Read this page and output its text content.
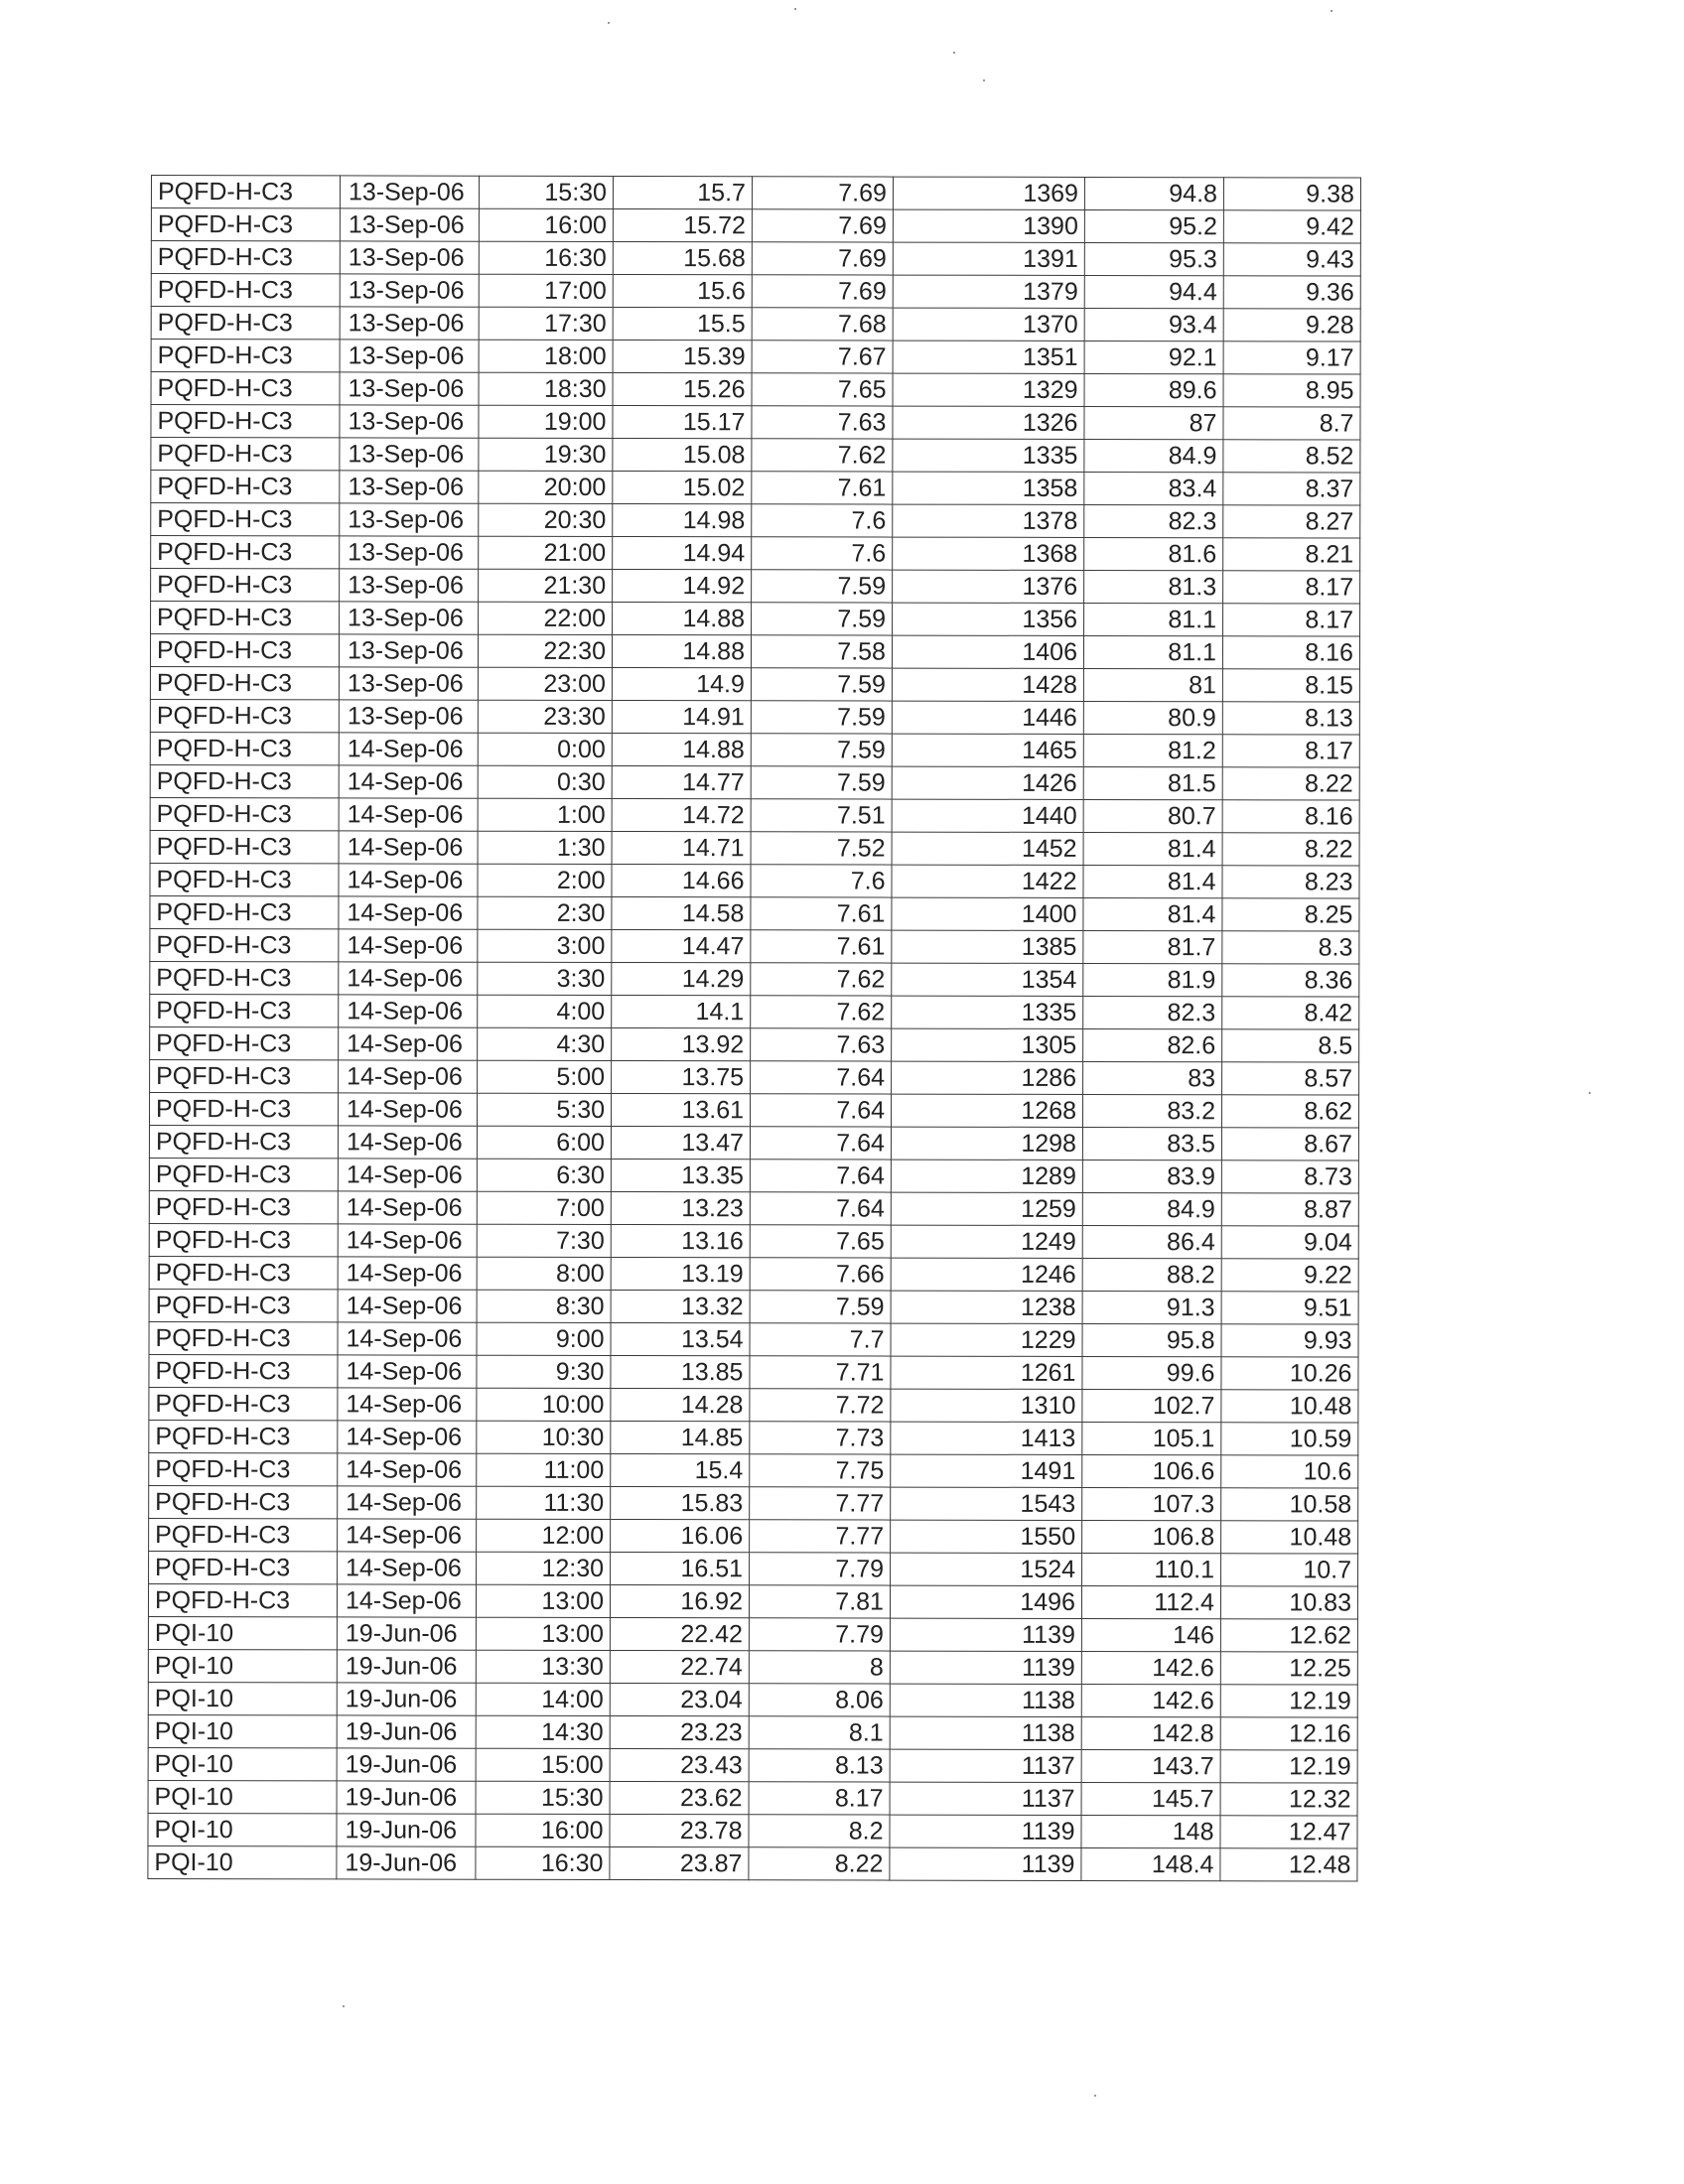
PQFD-H-C3	13-Sep-06	15:30	15.7	7.69	1369	94.8	9.38
PQFD-H-C3	13-Sep-06	16:00	15.72	7.69	1390	95.2	9.42
PQFD-H-C3	13-Sep-06	16:30	15.68	7.69	1391	95.3	9.43
PQFD-H-C3	13-Sep-06	17:00	15.6	7.69	1379	94.4	9.36
PQFD-H-C3	13-Sep-06	17:30	15.5	7.68	1370	93.4	9.28
PQFD-H-C3	13-Sep-06	18:00	15.39	7.67	1351	92.1	9.17
PQFD-H-C3	13-Sep-06	18:30	15.26	7.65	1329	89.6	8.95
PQFD-H-C3	13-Sep-06	19:00	15.17	7.63	1326	87	8.7
PQFD-H-C3	13-Sep-06	19:30	15.08	7.62	1335	84.9	8.52
PQFD-H-C3	13-Sep-06	20:00	15.02	7.61	1358	83.4	8.37
PQFD-H-C3	13-Sep-06	20:30	14.98	7.6	1378	82.3	8.27
PQFD-H-C3	13-Sep-06	21:00	14.94	7.6	1368	81.6	8.21
PQFD-H-C3	13-Sep-06	21:30	14.92	7.59	1376	81.3	8.17
PQFD-H-C3	13-Sep-06	22:00	14.88	7.59	1356	81.1	8.17
PQFD-H-C3	13-Sep-06	22:30	14.88	7.58	1406	81.1	8.16
PQFD-H-C3	13-Sep-06	23:00	14.9	7.59	1428	81	8.15
PQFD-H-C3	13-Sep-06	23:30	14.91	7.59	1446	80.9	8.13
PQFD-H-C3	14-Sep-06	0:00	14.88	7.59	1465	81.2	8.17
PQFD-H-C3	14-Sep-06	0:30	14.77	7.59	1426	81.5	8.22
PQFD-H-C3	14-Sep-06	1:00	14.72	7.51	1440	80.7	8.16
PQFD-H-C3	14-Sep-06	1:30	14.71	7.52	1452	81.4	8.22
PQFD-H-C3	14-Sep-06	2:00	14.66	7.6	1422	81.4	8.23
PQFD-H-C3	14-Sep-06	2:30	14.58	7.61	1400	81.4	8.25
PQFD-H-C3	14-Sep-06	3:00	14.47	7.61	1385	81.7	8.3
PQFD-H-C3	14-Sep-06	3:30	14.29	7.62	1354	81.9	8.36
PQFD-H-C3	14-Sep-06	4:00	14.1	7.62	1335	82.3	8.42
PQFD-H-C3	14-Sep-06	4:30	13.92	7.63	1305	82.6	8.5
PQFD-H-C3	14-Sep-06	5:00	13.75	7.64	1286	83	8.57
PQFD-H-C3	14-Sep-06	5:30	13.61	7.64	1268	83.2	8.62
PQFD-H-C3	14-Sep-06	6:00	13.47	7.64	1298	83.5	8.67
PQFD-H-C3	14-Sep-06	6:30	13.35	7.64	1289	83.9	8.73
PQFD-H-C3	14-Sep-06	7:00	13.23	7.64	1259	84.9	8.87
PQFD-H-C3	14-Sep-06	7:30	13.16	7.65	1249	86.4	9.04
PQFD-H-C3	14-Sep-06	8:00	13.19	7.66	1246	88.2	9.22
PQFD-H-C3	14-Sep-06	8:30	13.32	7.59	1238	91.3	9.51
PQFD-H-C3	14-Sep-06	9:00	13.54	7.7	1229	95.8	9.93
PQFD-H-C3	14-Sep-06	9:30	13.85	7.71	1261	99.6	10.26
PQFD-H-C3	14-Sep-06	10:00	14.28	7.72	1310	102.7	10.48
PQFD-H-C3	14-Sep-06	10:30	14.85	7.73	1413	105.1	10.59
PQFD-H-C3	14-Sep-06	11:00	15.4	7.75	1491	106.6	10.6
PQFD-H-C3	14-Sep-06	11:30	15.83	7.77	1543	107.3	10.58
PQFD-H-C3	14-Sep-06	12:00	16.06	7.77	1550	106.8	10.48
PQFD-H-C3	14-Sep-06	12:30	16.51	7.79	1524	110.1	10.7
PQFD-H-C3	14-Sep-06	13:00	16.92	7.81	1496	112.4	10.83
PQI-10	19-Jun-06	13:00	22.42	7.79	1139	146	12.62
PQI-10	19-Jun-06	13:30	22.74	8	1139	142.6	12.25
PQI-10	19-Jun-06	14:00	23.04	8.06	1138	142.6	12.19
PQI-10	19-Jun-06	14:30	23.23	8.1	1138	142.8	12.16
PQI-10	19-Jun-06	15:00	23.43	8.13	1137	143.7	12.19
PQI-10	19-Jun-06	15:30	23.62	8.17	1137	145.7	12.32
PQI-10	19-Jun-06	16:00	23.78	8.2	1139	148	12.47
PQI-10	19-Jun-06	16:30	23.87	8.22	1139	148.4	12.48
